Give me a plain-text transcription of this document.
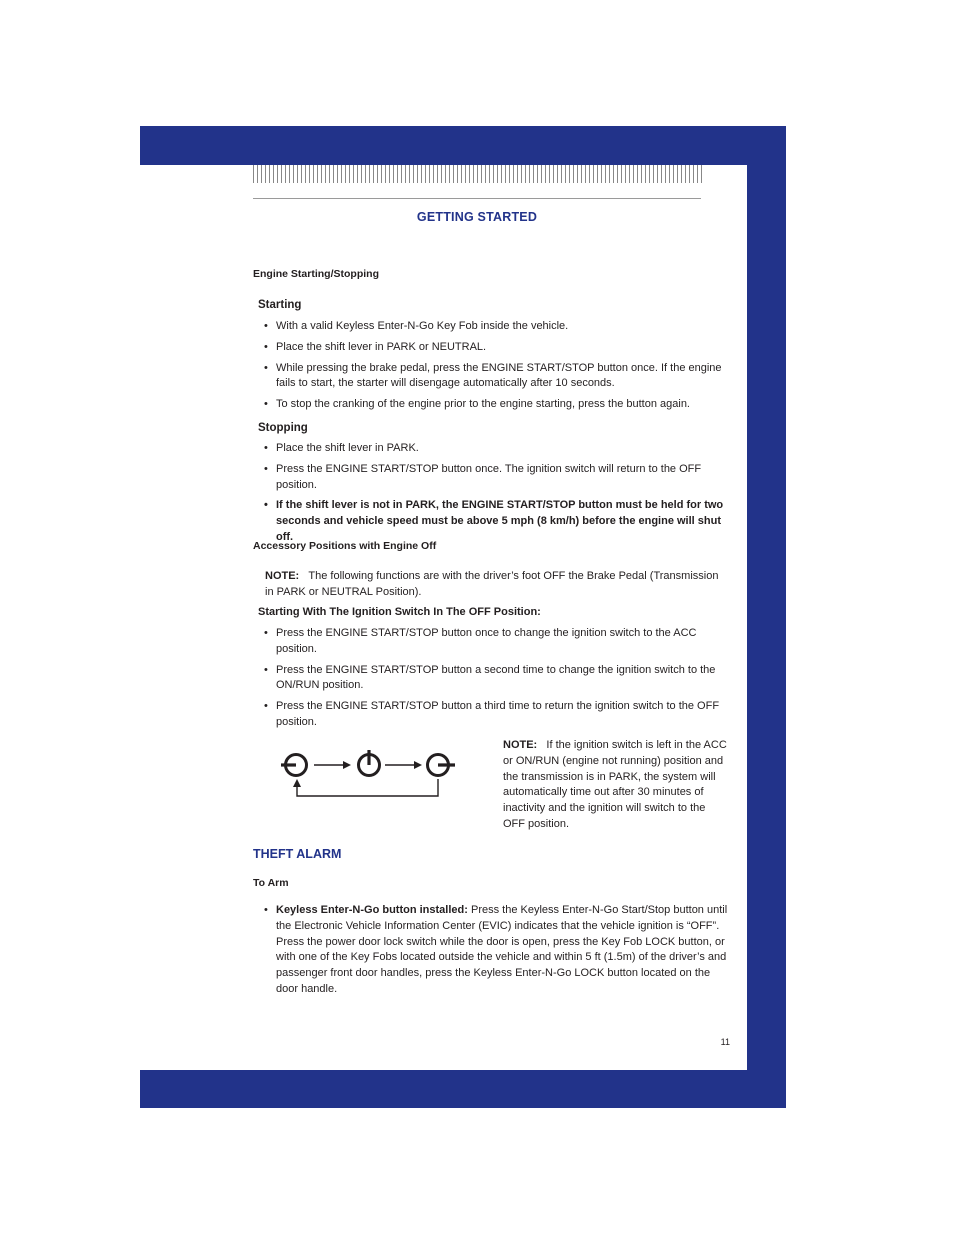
GETTING STARTED
Engine Starting/Stopping
Starting
• With a valid Keyless Enter-N-Go Key Fob inside the vehicle.
• Place the shift lever in PARK or NEUTRAL.
• While pressing the brake pedal, press the ENGINE START/STOP button once. If the engine fails to start, the starter will disengage automatically after 10 seconds.
• To stop the cranking of the engine prior to the engine starting, press the button again.
Stopping
• Place the shift lever in PARK.
• Press the ENGINE START/STOP button once. The ignition switch will return to the OFF position.
• If the shift lever is not in PARK, the ENGINE START/STOP button must be held for two seconds and vehicle speed must be above 5 mph (8 km/h) before the engine will shut off.
Accessory Positions with Engine Off
NOTE: The following functions are with the driver’s foot OFF the Brake Pedal (Transmission in PARK or NEUTRAL Position).
Starting With The Ignition Switch In The OFF Position:
• Press the ENGINE START/STOP button once to change the ignition switch to the ACC position.
• Press the ENGINE START/STOP button a second time to change the ignition switch to the ON/RUN position.
• Press the ENGINE START/STOP button a third time to return the ignition switch to the OFF position.
NOTE: If the ignition switch is left in the ACC or ON/RUN (engine not running) position and the transmission is in PARK, the system will automatically time out after 30 minutes of inactivity and the ignition will switch to the OFF position.
THEFT ALARM
To Arm
• Keyless Enter-N-Go button installed: Press the Keyless Enter-N-Go Start/Stop button until the Electronic Vehicle Information Center (EVIC) indicates that the vehicle ignition is “OFF”. Press the power door lock switch while the door is open, press the Key Fob LOCK button, or with one of the Key Fobs located outside the vehicle and within 5 ft (1.5m) of the driver’s and passenger front door handles, press the Keyless Enter-N-Go LOCK button located on the door handle.
11
